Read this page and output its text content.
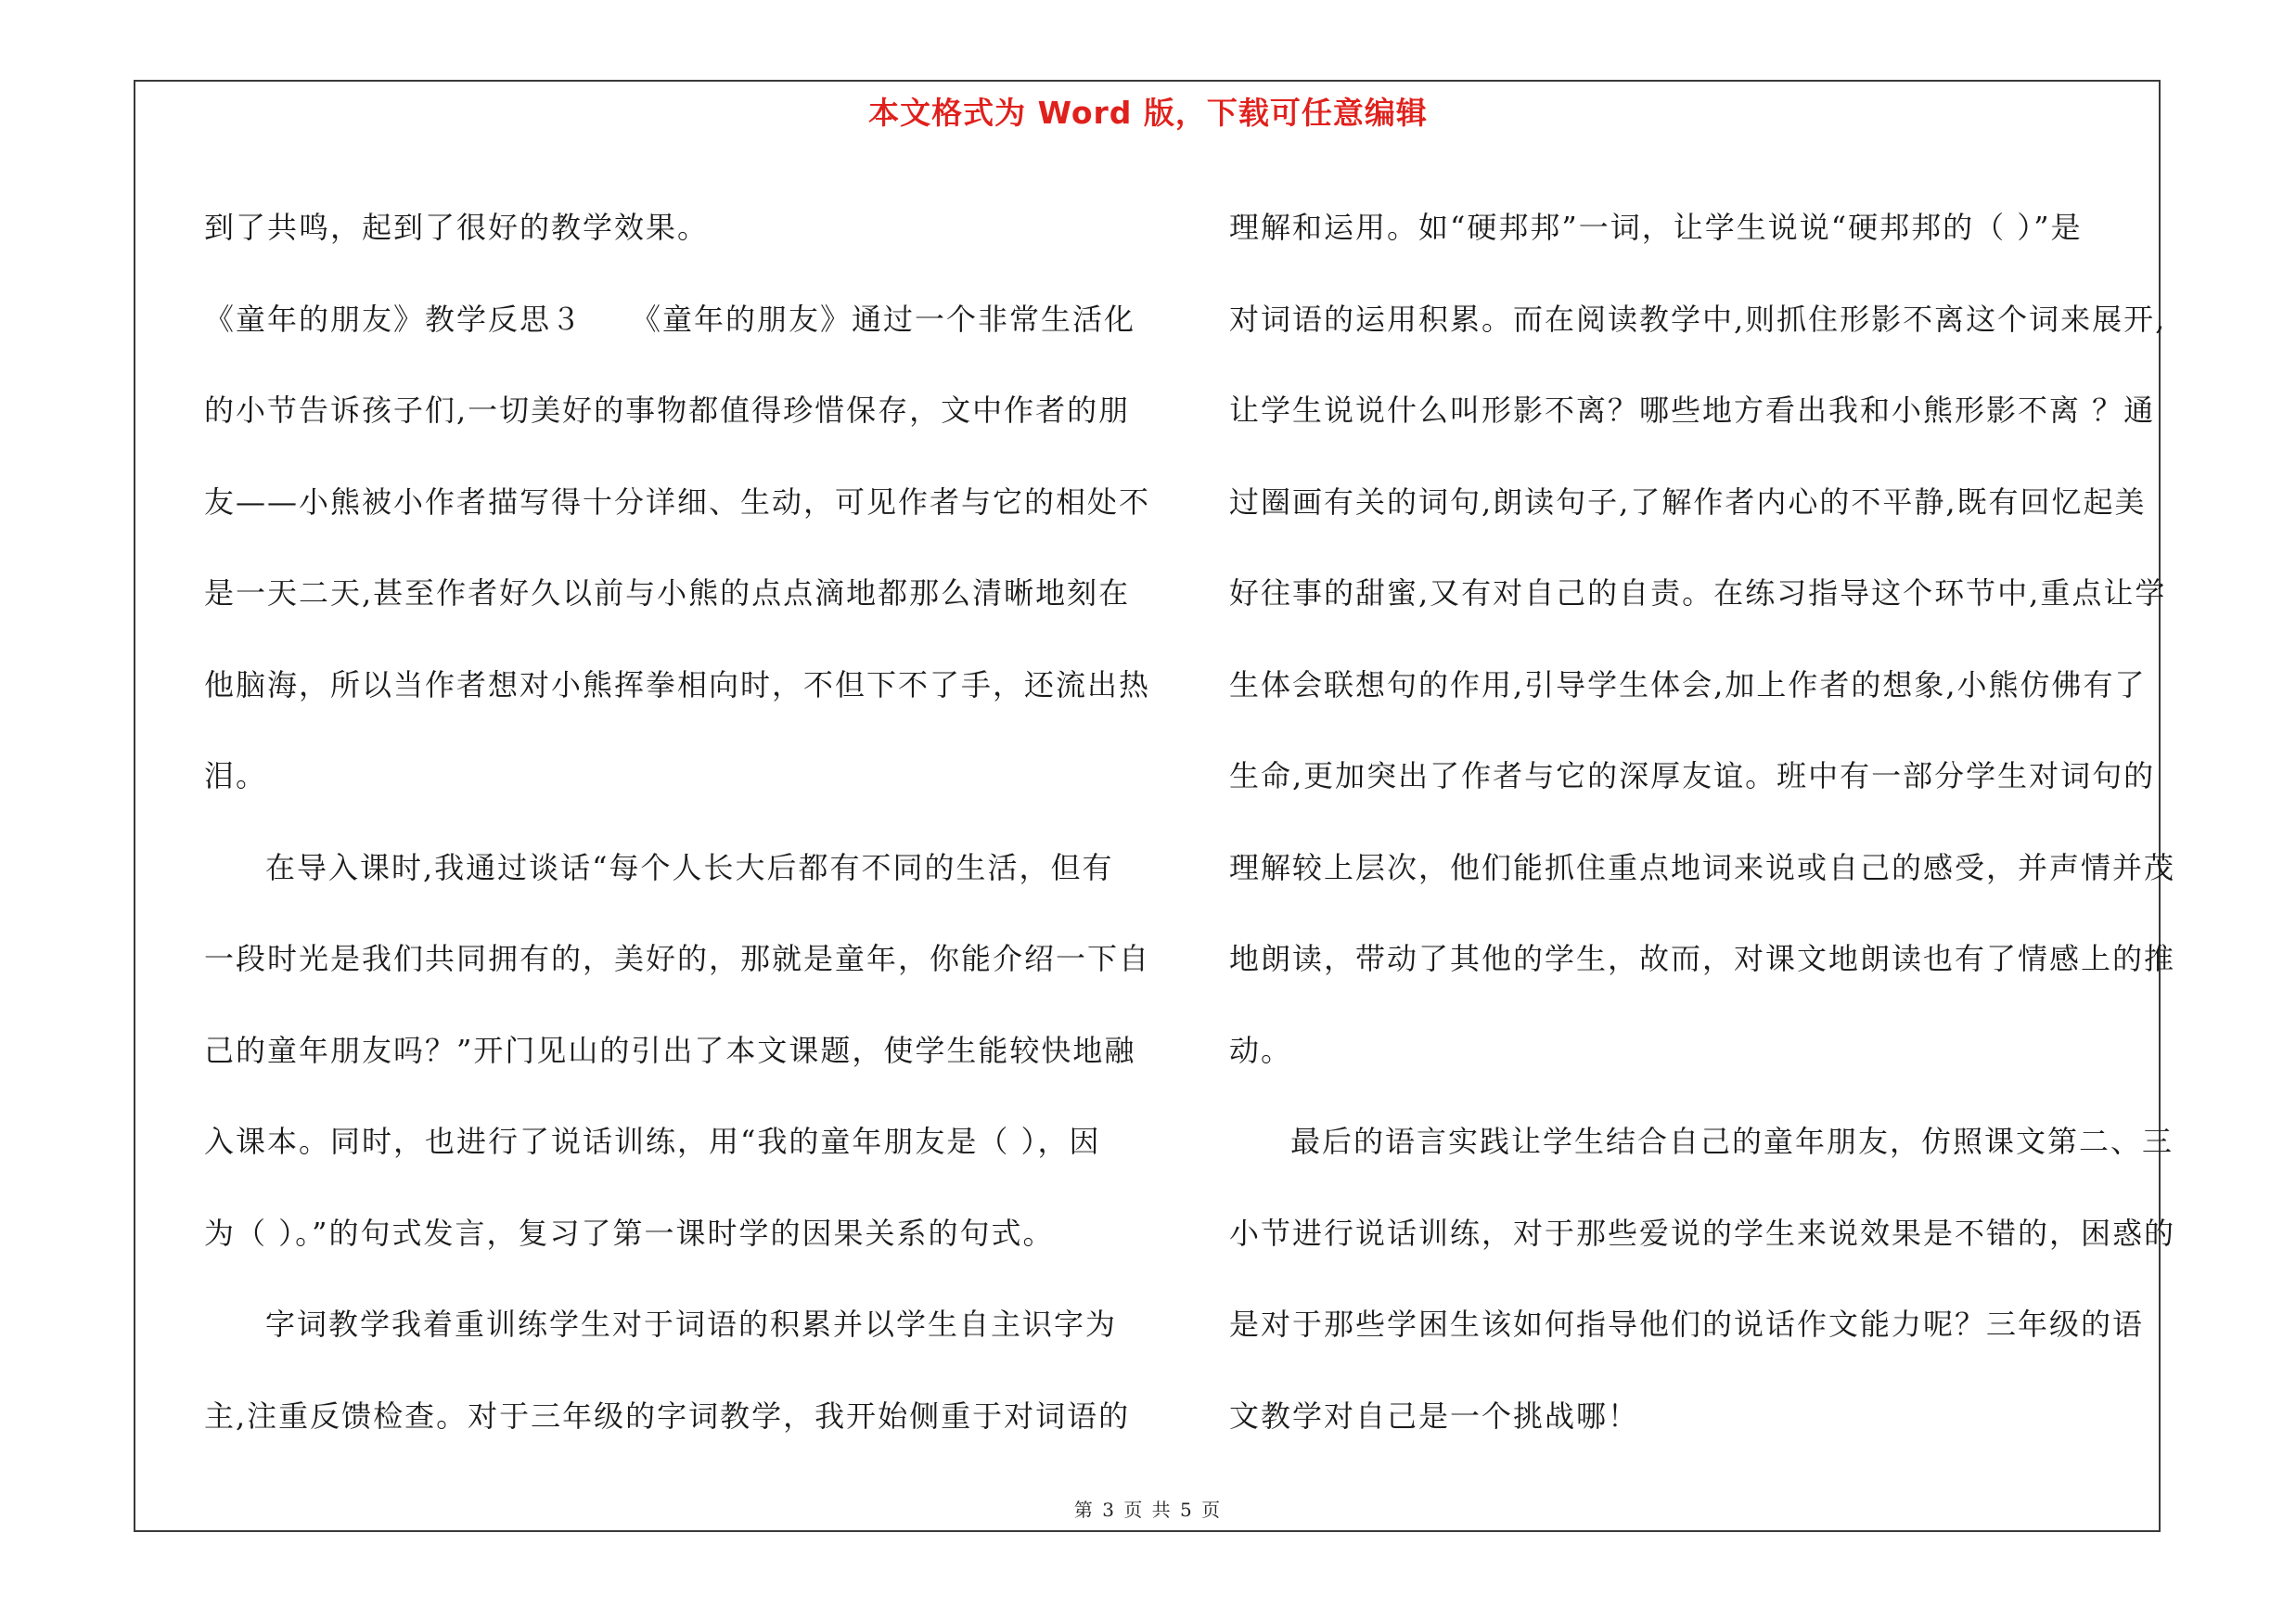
本文格式为 Word 版，下载可任意编辑
到了共鸣，起到了很好的教学效果。
《童年的朋友》教学反思３　　《童年的朋友》通过一个非常生活化
的小节告诉孩子们,一切美好的事物都值得珍惜保存，文中作者的朋
友——小熊被小作者描写得十分详细、生动，可见作者与它的相处不
是一天二天,甚至作者好久以前与小熊的点点滴地都那么清晰地刻在
他脑海，所以当作者想对小熊挥拳相向时，不但下不了手，还流出热
泪。
在导入课时,我通过谈话“每个人长大后都有不同的生活，但有
一段时光是我们共同拥有的，美好的，那就是童年，你能介绍一下自
己的童年朋友吗？”开门见山的引出了本文课题，使学生能较快地融
入课本。同时，也进行了说话训练，用“我的童年朋友是（ ），因
为（ ）。”的句式发言，复习了第一课时学的因果关系的句式。
字词教学我着重训练学生对于词语的积累并以学生自主识字为
主,注重反馈检查。对于三年级的字词教学，我开始侧重于对词语的
理解和运用。如“硬邦邦”一词，让学生说说“硬邦邦的（ ）”是
对词语的运用积累。而在阅读教学中,则抓住形影不离这个词来展开,
让学生说说什么叫形影不离？哪些地方看出我和小熊形影不离 ？通
过圈画有关的词句,朗读句子,了解作者内心的不平静,既有回忆起美
好往事的甜蜜,又有对自己的自责。在练习指导这个环节中,重点让学
生体会联想句的作用,引导学生体会,加上作者的想象,小熊仿佛有了
生命,更加突出了作者与它的深厚友谊。班中有一部分学生对词句的
理解较上层次，他们能抓住重点地词来说或自己的感受，并声情并茂
地朗读，带动了其他的学生，故而，对课文地朗读也有了情感上的推
动。
最后的语言实践让学生结合自己的童年朋友，仿照课文第二、三
小节进行说话训练，对于那些爱说的学生来说效果是不错的，困惑的
是对于那些学困生该如何指导他们的说话作文能力呢？三年级的语
文教学对自己是一个挑战哪！
第 3 页 共 5 页
